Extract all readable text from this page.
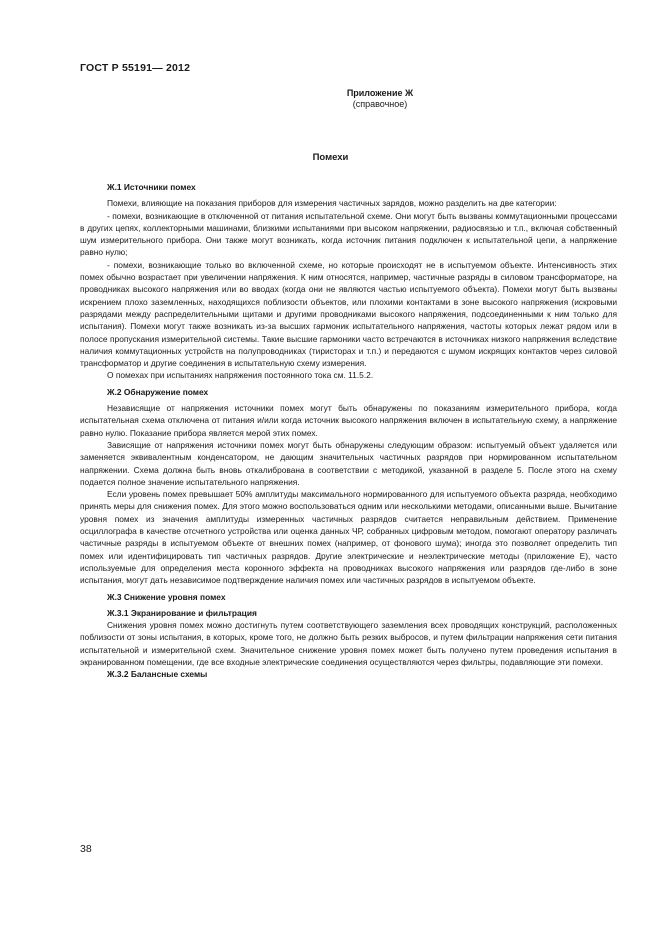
ГОСТ Р 55191— 2012
Приложение Ж
(справочное)
Помехи
Ж.1 Источники помех

Помехи, влияющие на показания приборов для измерения частичных зарядов, можно разделить на две категории:

- помехи, возникающие в отключенной от питания испытательной схеме. Они могут быть вызваны коммутационными процессами в других цепях, коллекторными машинами, близкими испытаниями при высоком напряжении, радиосвязью и т.п., включая собственный шум измерительного прибора. Они также могут возникать, когда источник питания подключен к испытательной цепи, а напряжение равно нулю;

- помехи, возникающие только во включенной схеме, но которые происходят не в испытуемом объекте. Интенсивность этих помех обычно возрастает при увеличении напряжения. К ним относятся, например, частичные разряды в силовом трансформаторе, на проводниках высокого напряжения или во вводах (когда они не являются частью испытуемого объекта). Помехи могут быть вызваны искрением плохо заземленных, находящихся поблизости объектов, или плохими контактами в зоне высокого напряжения (искровыми разрядами между распределительными щитами и другими проводниками высокого напряжения, подсоединенными к ним только для испытания). Помехи могут также возникать из-за высших гармоник испытательного напряжения, частоты которых лежат рядом или в полосе пропускания измерительной системы. Такие высшие гармоники часто встречаются в источниках низкого напряжения вследствие наличия коммутационных устройств на полупроводниках (тиристорах и т.п.) и передаются с шумом искрящих контактов через силовой трансформатор и другие соединения в испытательную схему измерения.

О помехах при испытаниях напряжения постоянного тока см. 11.5.2.

Ж.2 Обнаружение помех

Независящие от напряжения источники помех могут быть обнаружены по показаниям измерительного прибора, когда испытательная схема отключена от питания и/или когда источник высокого напряжения включен в испытательную схему, а напряжение равно нулю. Показание прибора является мерой этих помех.

Зависящие от напряжения источники помех могут быть обнаружены следующим образом: испытуемый объект удаляется или заменяется эквивалентным конденсатором, не дающим значительных частичных разрядов при нормированном испытательном напряжении. Схема должна быть вновь откалибрована в соответствии с методикой, указанной в разделе 5. После этого на схему подается полное значение испытательного напряжения.

Если уровень помех превышает 50% амплитуды максимального нормированного для испытуемого объекта разряда, необходимо принять меры для снижения помех. Для этого можно воспользоваться одним или несколькими методами, описанными выше. Вычитание уровня помех из значения амплитуды измеренных частичных разрядов считается неправильным действием. Применение осциллографа в качестве отсчетного устройства или оценка данных ЧР, собранных цифровым методом, помогают оператору различать частичные разряды в испытуемом объекте от внешних помех (например, от фонового шума); иногда это позволяет определить тип помех или идентифицировать тип частичных разрядов. Другие электрические и неэлектрические методы (приложение Е), часто используемые для определения места коронного эффекта на проводниках высокого напряжения или разрядов где-либо в зоне испытания, могут дать независимое подтверждение наличия помех или частичных разрядов в испытуемом объекте.

Ж.3 Снижение уровня помех
Ж.3.1 Экранирование и фильтрация

Снижения уровня помех можно достигнуть путем соответствующего заземления всех проводящих конструкций, расположенных поблизости от зоны испытания, в которых, кроме того, не должно быть резких выбросов, и путем фильтрации напряжения сети питания испытательной и измерительной схем. Значительное снижение уровня помех может быть получено путем проведения испытания в экранированном помещении, где все входные электрические соединения осуществляются через фильтры, подавляющие эти помехи.

Ж.3.2 Балансные схемы
38
